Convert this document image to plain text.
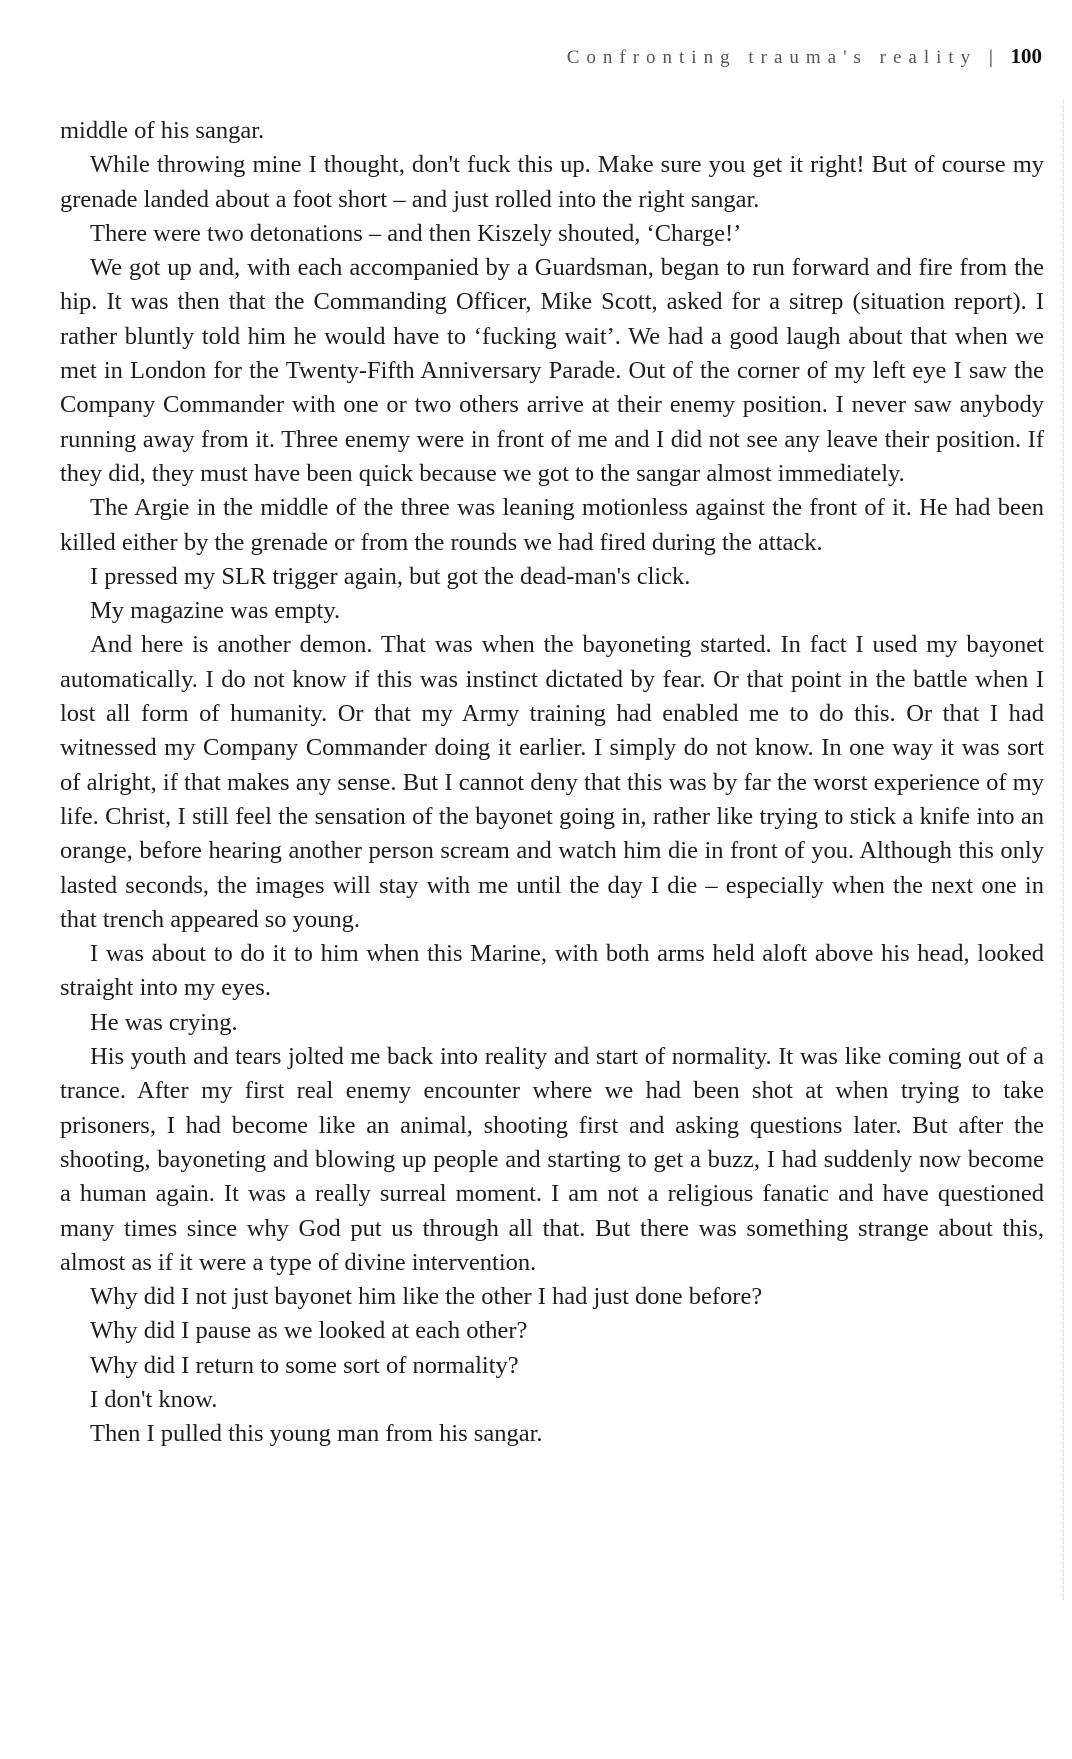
Confronting trauma's reality | 100

middle of his sangar.

While throwing mine I thought, don't fuck this up. Make sure you get it right! But of course my grenade landed about a foot short – and just rolled into the right sangar.

There were two detonations – and then Kiszely shouted, ‘Charge!’

We got up and, with each accompanied by a Guardsman, began to run forward and fire from the hip. It was then that the Commanding Officer, Mike Scott, asked for a sitrep (situation report). I rather bluntly told him he would have to ‘fucking wait’. We had a good laugh about that when we met in London for the Twenty-Fifth Anniversary Parade. Out of the corner of my left eye I saw the Company Commander with one or two others arrive at their enemy position. I never saw anybody running away from it. Three enemy were in front of me and I did not see any leave their position. If they did, they must have been quick because we got to the sangar almost immediately.

The Argie in the middle of the three was leaning motionless against the front of it. He had been killed either by the grenade or from the rounds we had fired during the attack.

I pressed my SLR trigger again, but got the dead-man's click.

My magazine was empty.

And here is another demon. That was when the bayoneting started. In fact I used my bayonet automatically. I do not know if this was instinct dictated by fear. Or that point in the battle when I lost all form of humanity. Or that my Army training had enabled me to do this. Or that I had witnessed my Company Commander doing it earlier. I simply do not know. In one way it was sort of alright, if that makes any sense. But I cannot deny that this was by far the worst experience of my life. Christ, I still feel the sensation of the bayonet going in, rather like trying to stick a knife into an orange, before hearing another person scream and watch him die in front of you. Although this only lasted seconds, the images will stay with me until the day I die – especially when the next one in that trench appeared so young.

I was about to do it to him when this Marine, with both arms held aloft above his head, looked straight into my eyes.

He was crying.

His youth and tears jolted me back into reality and start of normality. It was like coming out of a trance. After my first real enemy encounter where we had been shot at when trying to take prisoners, I had become like an animal, shooting first and asking questions later. But after the shooting, bayoneting and blowing up people and starting to get a buzz, I had suddenly now become a human again. It was a really surreal moment. I am not a religious fanatic and have questioned many times since why God put us through all that. But there was something strange about this, almost as if it were a type of divine intervention.

Why did I not just bayonet him like the other I had just done before?

Why did I pause as we looked at each other?

Why did I return to some sort of normality?

I don't know.

Then I pulled this young man from his sangar.
